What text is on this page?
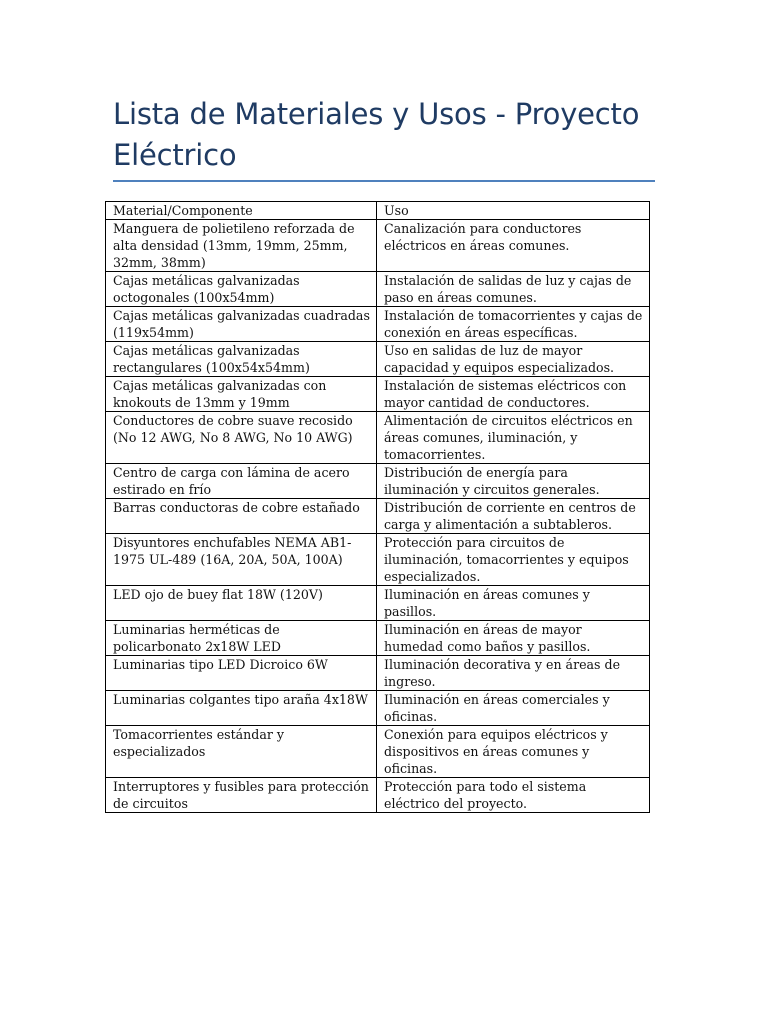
Lista de Materiales y Usos - Proyecto
Eléctrico
Material/Componente	Uso
Manguera de polietileno reforzada de alta densidad (13mm, 19mm, 25mm, 32mm, 38mm)	Canalización para conductores eléctricos en áreas comunes.
Cajas metálicas galvanizadas octogonales (100x54mm)	Instalación de salidas de luz y cajas de paso en áreas comunes.
Cajas metálicas galvanizadas cuadradas (119x54mm)	Instalación de tomacorrientes y cajas de conexión en áreas específicas.
Cajas metálicas galvanizadas rectangulares (100x54x54mm)	Uso en salidas de luz de mayor capacidad y equipos especializados.
Cajas metálicas galvanizadas con knokouts de 13mm y 19mm	Instalación de sistemas eléctricos con mayor cantidad de conductores.
Conductores de cobre suave recosido (No 12 AWG, No 8 AWG, No 10 AWG)	Alimentación de circuitos eléctricos en áreas comunes, iluminación, y tomacorrientes.
Centro de carga con lámina de acero estirado en frío	Distribución de energía para iluminación y circuitos generales.
Barras conductoras de cobre estañado	Distribución de corriente en centros de carga y alimentación a subtableros.
Disyuntores enchufables NEMA AB1-1975 UL-489 (16A, 20A, 50A, 100A)	Protección para circuitos de iluminación, tomacorrientes y equipos especializados.
LED ojo de buey flat 18W (120V)	Iluminación en áreas comunes y pasillos.
Luminarias herméticas de policarbonato 2x18W LED	Iluminación en áreas de mayor humedad como baños y pasillos.
Luminarias tipo LED Dicroico 6W	Iluminación decorativa y en áreas de ingreso.
Luminarias colgantes tipo araña 4x18W	Iluminación en áreas comerciales y oficinas.
Tomacorrientes estándar y especializados	Conexión para equipos eléctricos y dispositivos en áreas comunes y oficinas.
Interruptores y fusibles para protección de circuitos	Protección para todo el sistema eléctrico del proyecto.
